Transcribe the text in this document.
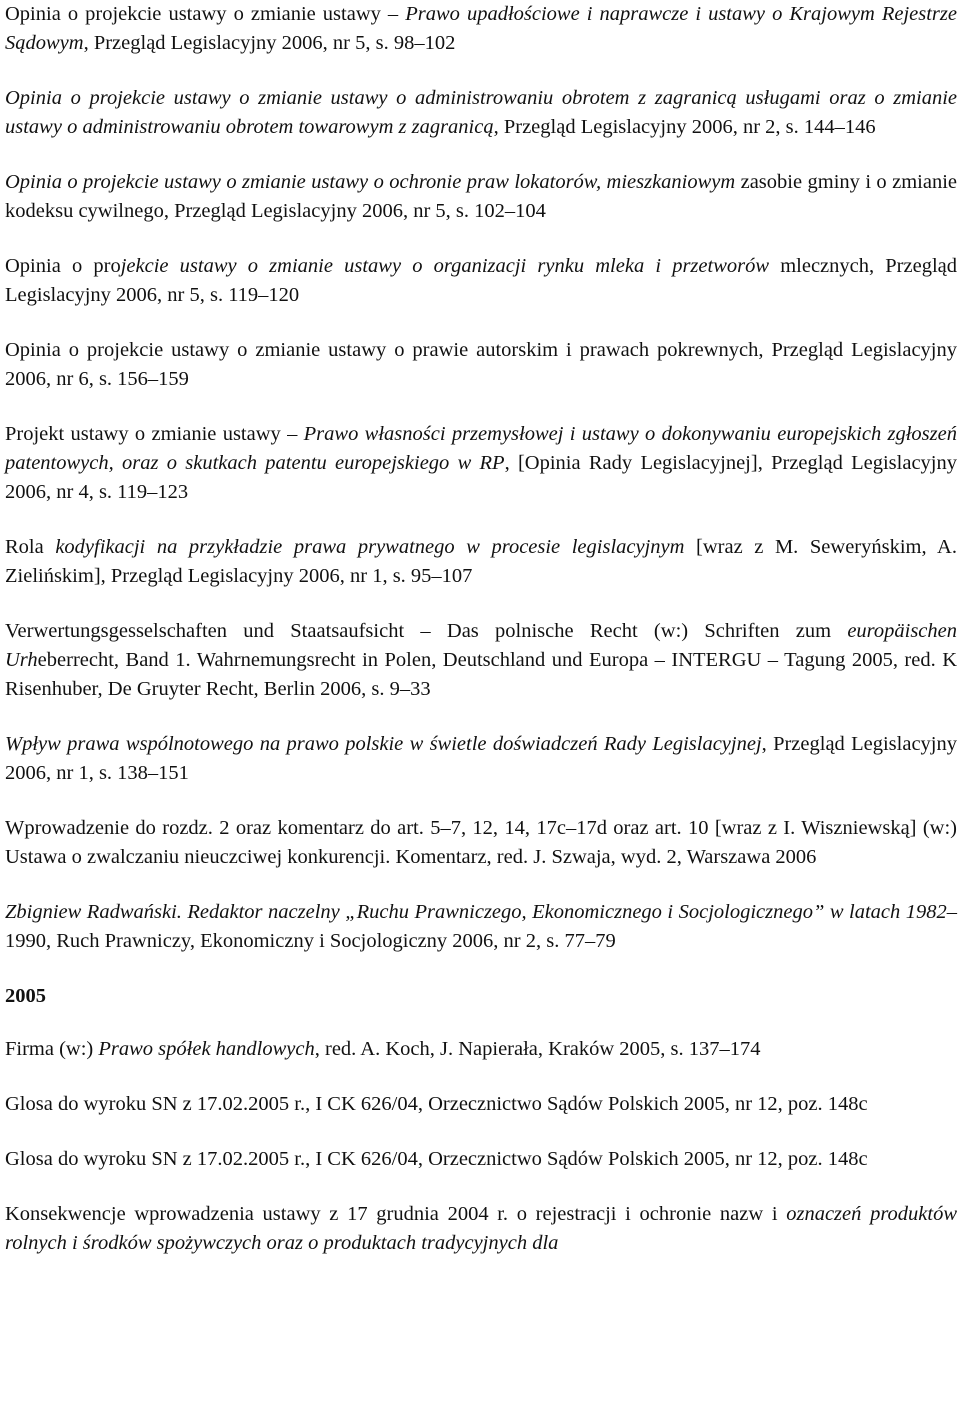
Opinia o projekcie ustawy o zmianie ustawy – Prawo upadłościowe i naprawcze i ustawy o Krajowym Rejestrze Sądowym, Przegląd Legislacyjny 2006, nr 5, s. 98–102
Opinia o projekcie ustawy o zmianie ustawy o administrowaniu obrotem z zagranicą usługami oraz o zmianie ustawy o administrowaniu obrotem towarowym z zagranicą, Przegląd Legislacyjny 2006, nr 2, s. 144–146
Opinia o projekcie ustawy o zmianie ustawy o ochronie praw lokatorów, mieszkaniowym zasobie gminy i o zmianie kodeksu cywilnego, Przegląd Legislacyjny 2006, nr 5, s. 102–104
Opinia o projekcie ustawy o zmianie ustawy o organizacji rynku mleka i przetworów mlecznych, Przegląd Legislacyjny 2006, nr 5, s. 119–120
Opinia o projekcie ustawy o zmianie ustawy o prawie autorskim i prawach pokrewnych, Przegląd Legislacyjny 2006, nr 6, s. 156–159
Projekt ustawy o zmianie ustawy – Prawo własności przemysłowej i ustawy o dokonywaniu europejskich zgłoszeń patentowych, oraz o skutkach patentu europejskiego w RP, [Opinia Rady Legislacyjnej], Przegląd Legislacyjny 2006, nr 4, s. 119–123
Rola kodyfikacji na przykładzie prawa prywatnego w procesie legislacyjnym [wraz z M. Seweryńskim, A. Zielińskim], Przegląd Legislacyjny 2006, nr 1, s. 95–107
Verwertungsgesselschaften und Staatsaufsicht – Das polnische Recht (w:) Schriften zum europäischen Urheberrecht, Band 1. Wahrnemungsrecht in Polen, Deutschland und Europa – INTERGU – Tagung 2005, red. K Risenhuber, De Gruyter Recht, Berlin 2006, s. 9–33
Wpływ prawa wspólnotowego na prawo polskie w świetle doświadczeń Rady Legislacyjnej, Przegląd Legislacyjny 2006, nr 1, s. 138–151
Wprowadzenie do rozdz. 2 oraz komentarz do art. 5–7, 12, 14, 17c–17d oraz art. 10 [wraz z I. Wiszniewską] (w:) Ustawa o zwalczaniu nieuczciwej konkurencji. Komentarz, red. J. Szwaja, wyd. 2, Warszawa 2006
Zbigniew Radwański. Redaktor naczelny „Ruchu Prawniczego, Ekonomicznego i Socjologicznego” w latach 1982–1990, Ruch Prawniczy, Ekonomiczny i Socjologiczny 2006, nr 2, s. 77–79
2005
Firma (w:) Prawo spółek handlowych, red. A. Koch, J. Napierała, Kraków 2005, s. 137–174
Glosa do wyroku SN z 17.02.2005 r., I CK 626/04, Orzecznictwo Sądów Polskich 2005, nr 12, poz. 148c
Glosa do wyroku SN z 17.02.2005 r., I CK 626/04, Orzecznictwo Sądów Polskich 2005, nr 12, poz. 148c
Konsekwencje wprowadzenia ustawy z 17 grudnia 2004 r. o rejestracji i ochronie nazw i oznaczeń produktów rolnych i środków spożywczych oraz o produktach tradycyjnych dla
